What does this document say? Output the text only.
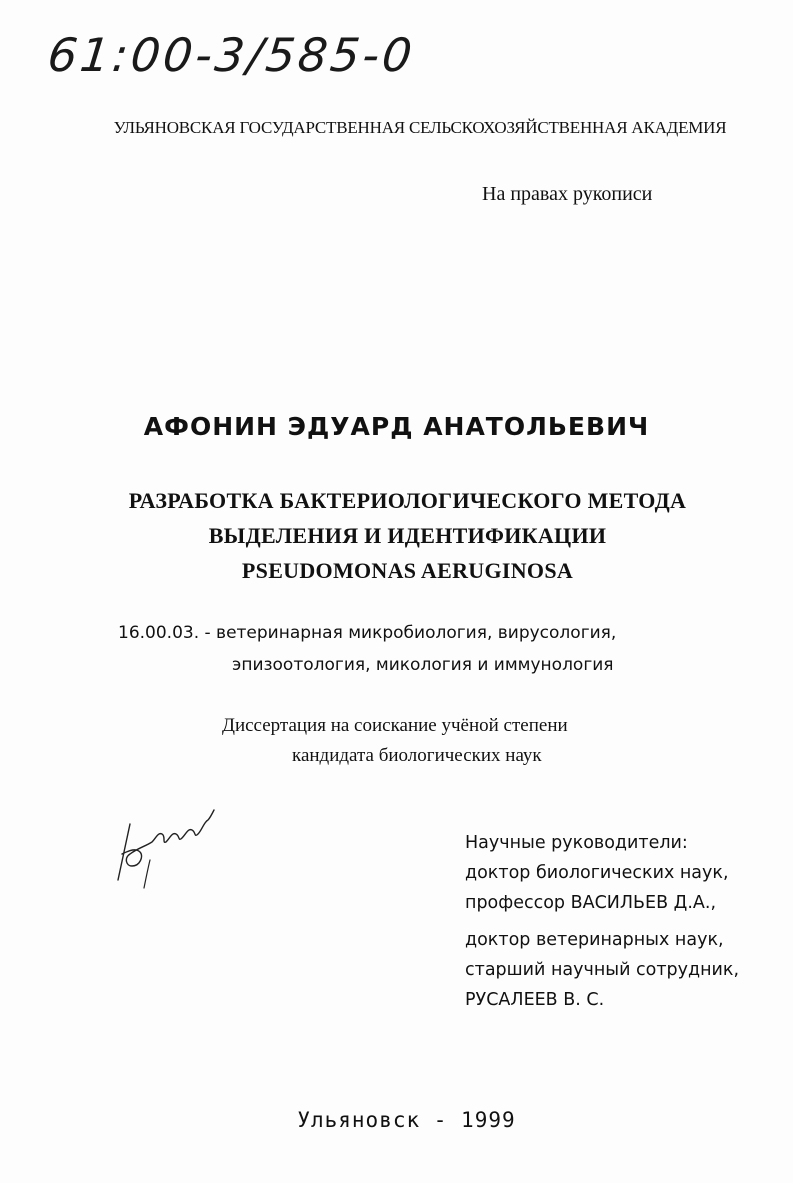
61:00-3/585-0
УЛЬЯНОВСКАЯ ГОСУДАРСТВЕННАЯ СЕЛЬСКОХОЗЯЙСТВЕННАЯ АКАДЕМИЯ
На правах рукописи
АФОНИН ЭДУАРД АНАТОЛЬЕВИЧ
РАЗРАБОТКА БАКТЕРИОЛОГИЧЕСКОГО МЕТОДА
ВЫДЕЛЕНИЯ И ИДЕНТИФИКАЦИИ
PSEUDOMONAS AERUGINOSA
16.00.03. - ветеринарная микробиология, вирусология,
эпизоотология, микология и иммунология
Диссертация на соискание учёной степени
кандидата биологических наук
Научные руководители:
доктор биологических наук,
профессор ВАСИЛЬЕВ Д.А.,
доктор ветеринарных наук,
старший научный сотрудник,
РУСАЛЕЕВ В. С.
Ульяновск - 1999
